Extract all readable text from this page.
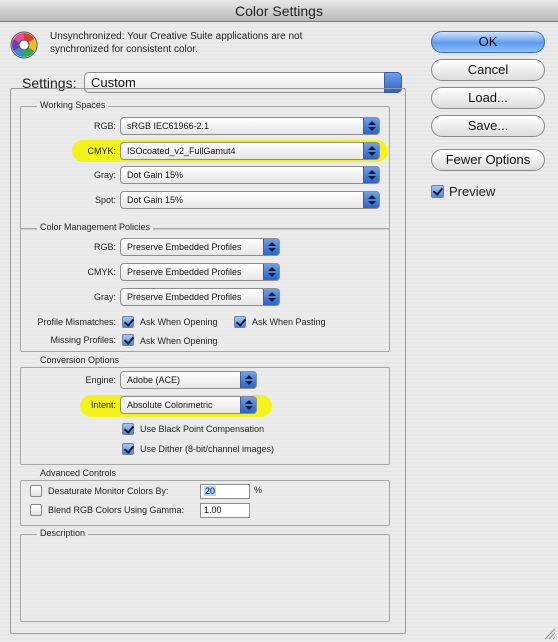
Color Settings
Unsynchronized: Your Creative Suite applications are not
synchronized for consistent color.
Settings:	Custom
Working Spaces
RGB:	sRGB IEC61966-2.1
CMYK:	ISOcoated_v2_FullGamut4
Gray:	Dot Gain 15%
Spot:	Dot Gain 15%
Color Management Policies
RGB:	Preserve Embedded Profiles
CMYK:	Preserve Embedded Profiles
Gray:	Preserve Embedded Profiles
Profile Mismatches:	Ask When Opening	Ask When Pasting
Missing Profiles:	Ask When Opening
Conversion Options
Engine:	Adobe (ACE)
Intent:	Absolute Colorimetric
Use Black Point Compensation
Use Dither (8-bit/channel images)
Advanced Controls
Desaturate Monitor Colors By:	20	%
Blend RGB Colors Using Gamma:	1.00
Description
OK
Cancel
Load...
Save...
Fewer Options
Preview
